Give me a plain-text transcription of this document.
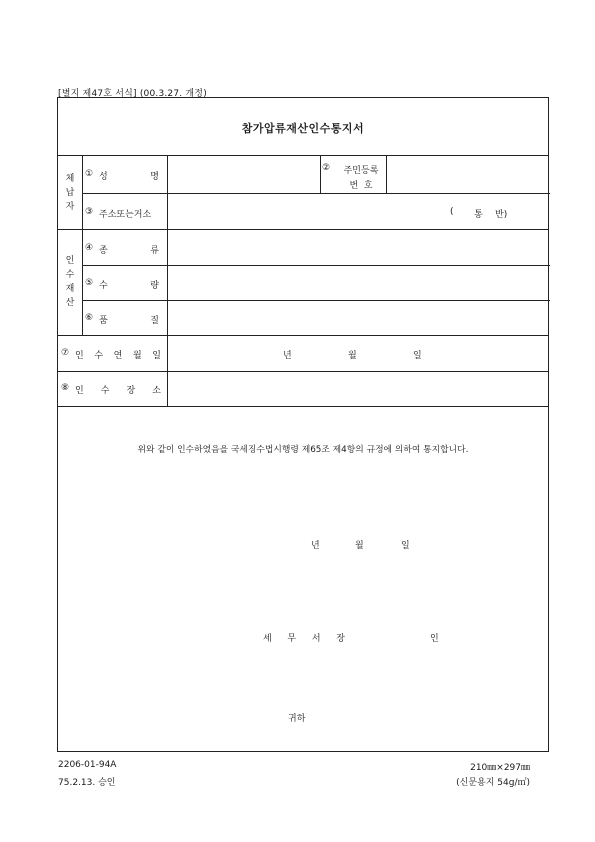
[별지 제47호 서식] (00.3.27. 개정)
참가압류재산인수통지서
체납자
① 성	명
②	주민등록
번  호
③ 주소또는거소	( 통 반)
인수재산
④ 종	류
⑤ 수	량
⑥ 품	질
⑦ 인 수 연 월 일	년	월	일
⑧ 인 수 장 소
위와 같이 인수하였음을 국세징수법시행령 제65조 제4항의 규정에 의하여 통지합니다.
년	월	일
세 무 서 장	인
귀하
2206-01-94A
75.2.13. 승인
210㎜×297㎜
(신문용지 54g/㎡)
